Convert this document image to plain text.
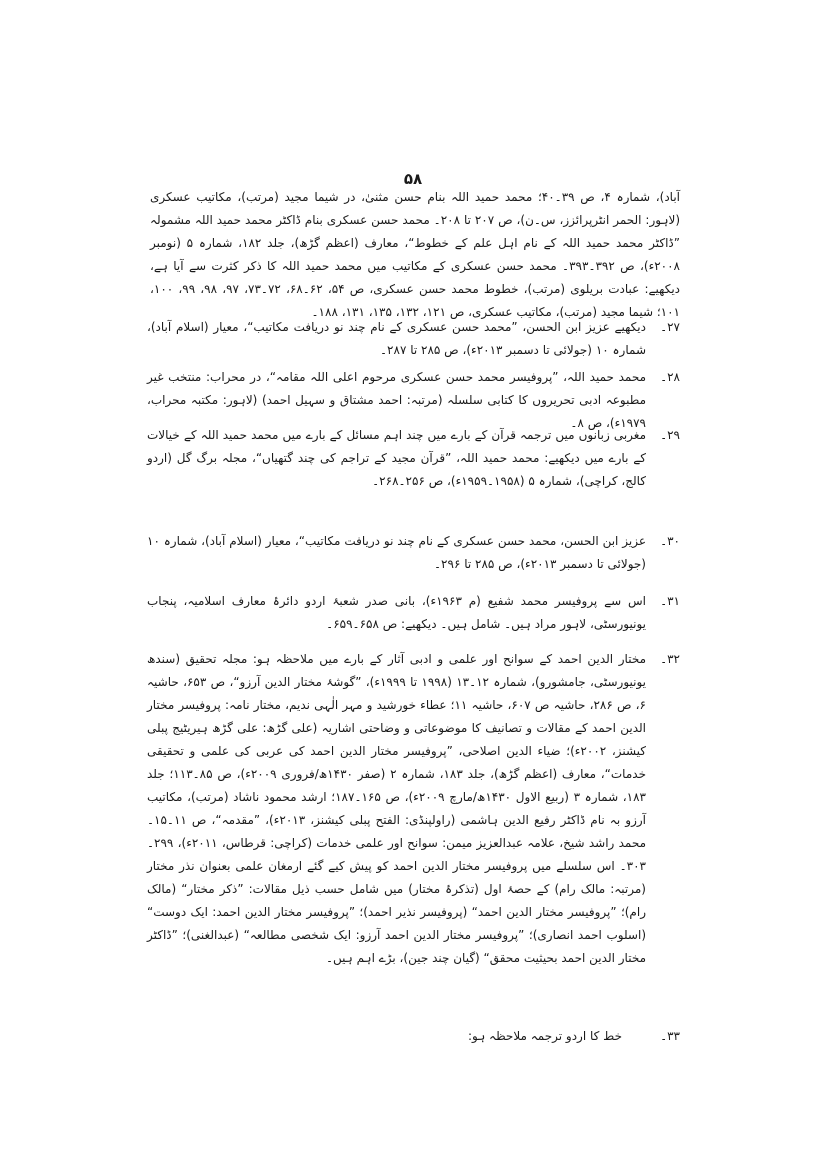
۵۸
آباد)، شمارہ ۴، ص ۳۹۔۴۰؛ محمد حمید اللہ بنام حسن مثنیٰ، در شیما مجید (مرتب)، مکاتیب عسکری (لاہور: الحمر انٹرپرائزز، س۔ن)، ص ۲۰۷ تا ۲۰۸۔ محمد حسن عسکری بنام ڈاکٹر محمد حمید اللہ مشمولہ ”ڈاکٹر محمد حمید اللہ کے نام اہل علم کے خطوط“، معارف (اعظم گڑھ)، جلد ۱۸۲، شمارہ ۵ (نومبر ۲۰۰۸ء)، ص ۳۹۲۔۳۹۳۔ محمد حسن عسکری کے مکاتیب میں محمد حمید اللہ کا ذکر کثرت سے آیا ہے، دیکھیے: عبادت بریلوی (مرتب)، خطوط محمد حسن عسکری، ص ۵۴، ۶۲۔۶۸، ۷۲۔۷۳، ۹۷، ۹۸، ۹۹، ۱۰۰، ۱۰۱؛ شیما مجید (مرتب)، مکاتیب عسکری، ص ۱۲۱، ۱۳۲، ۱۳۵، ۱۳۱، ۱۸۸۔
۲۷۔
دیکھیے عزیز ابن الحسن، ”محمد حسن عسکری کے نام چند نو دریافت مکاتیب“، معیار (اسلام آباد)، شمارہ ۱۰ (جولائی تا دسمبر ۲۰۱۳ء)، ص ۲۸۵ تا ۲۸۷۔
۲۸۔
محمد حمید اللہ، ”پروفیسر محمد حسن عسکری مرحوم اعلی اللہ مقامہ“، در محراب: منتخب غیر مطبوعہ ادبی تحریروں کا کتابی سلسلہ (مرتبہ: احمد مشتاق و سہیل احمد) (لاہور: مکتبہ محراب، ۱۹۷۹ء)، ص ۸۔
۲۹۔
مغربی زبانوں میں ترجمہ قرآن کے بارے میں چند اہم مسائل کے بارے میں محمد حمید اللہ کے خیالات کے بارے میں دیکھیے: محمد حمید اللہ، ”قرآن مجید کے تراجم کی چند گتھیاں“، مجلہ برگ گل (اردو کالج، کراچی)، شمارہ ۵ (۱۹۵۸۔۱۹۵۹ء)، ص ۲۵۶۔۲۶۸۔
۳۰۔
عزیز ابن الحسن، محمد حسن عسکری کے نام چند نو دریافت مکاتیب“، معیار (اسلام آباد)، شمارہ ۱۰ (جولائی تا دسمبر ۲۰۱۳ء)، ص ۲۸۵ تا ۲۹۶۔
۳۱۔
اس سے پروفیسر محمد شفیع (م ۱۹۶۳ء)، بانی صدر شعبۂ اردو دائرۂ معارف اسلامیہ، پنجاب یونیورسٹی، لاہور مراد ہیں۔ شامل ہیں۔ دیکھیے: ص ۶۵۸۔۶۵۹۔
۳۲۔
مختار الدین احمد کے سوانح اور علمی و ادبی آثار کے بارے میں ملاحظہ ہو: مجلہ تحقیق (سندھ یونیورسٹی، جامشورو)، شمارہ ۱۲۔۱۳ (۱۹۹۸ تا ۱۹۹۹ء)، ”گوشۂ مختار الدین آرزو“، ص ۶۵۳، حاشیہ ۶، ص ۲۸۶، حاشیہ ص ۶۰۷، حاشیہ ۱۱؛ عطاء خورشید و مہر الٰہی ندیم، مختار نامہ: پروفیسر مختار الدین احمد کے مقالات و تصانیف کا موضوعاتی و وضاحتی اشاریہ (علی گڑھ: علی گڑھ ہیریٹیج پبلی کیشنز، ۲۰۰۲ء)؛ ضیاء الدین اصلاحی، ”پروفیسر مختار الدین احمد کی عربی کی علمی و تحقیقی خدمات“، معارف (اعظم گڑھ)، جلد ۱۸۳، شمارہ ۲ (صفر ۱۴۳۰ھ/فروری ۲۰۰۹ء)، ص ۸۵۔۱۱۳؛ جلد ۱۸۳، شمارہ ۳ (ربیع الاول ۱۴۳۰ھ/مارچ ۲۰۰۹ء)، ص ۱۶۵۔۱۸۷؛ ارشد محمود ناشاد (مرتب)، مکاتیب آرزو بہ نام ڈاکٹر رفیع الدین ہاشمی (راولپنڈی: الفتح پبلی کیشنز، ۲۰۱۳ء)، ”مقدمہ“، ص ۱۱۔۱۵۔ محمد راشد شیخ، علامہ عبدالعزیز میمن: سوانح اور علمی خدمات (کراچی: قرطاس، ۲۰۱۱ء)، ۲۹۹۔۳۰۳۔ اس سلسلے میں پروفیسر مختار الدین احمد کو پیش کیے گئے ارمغان علمی بعنوان نذر مختار (مرتبہ: مالک رام) کے حصۂ اول (تذکرۂ مختار) میں شامل حسب ذیل مقالات: ”ذکر مختار“ (مالک رام)؛ ”پروفیسر مختار الدین احمد“ (پروفیسر نذیر احمد)؛ ”پروفیسر مختار الدین احمد: ایک دوست“ (اسلوب احمد انصاری)؛ ”پروفیسر مختار الدین احمد آرزو: ایک شخصی مطالعہ“ (عبدالغنی)؛ ”ڈاکٹر مختار الدین احمد بحیثیت محقق“ (گیان چند جین)، بڑے اہم ہیں۔
۳۳۔
خط کا اردو ترجمہ ملاحظہ ہو:
